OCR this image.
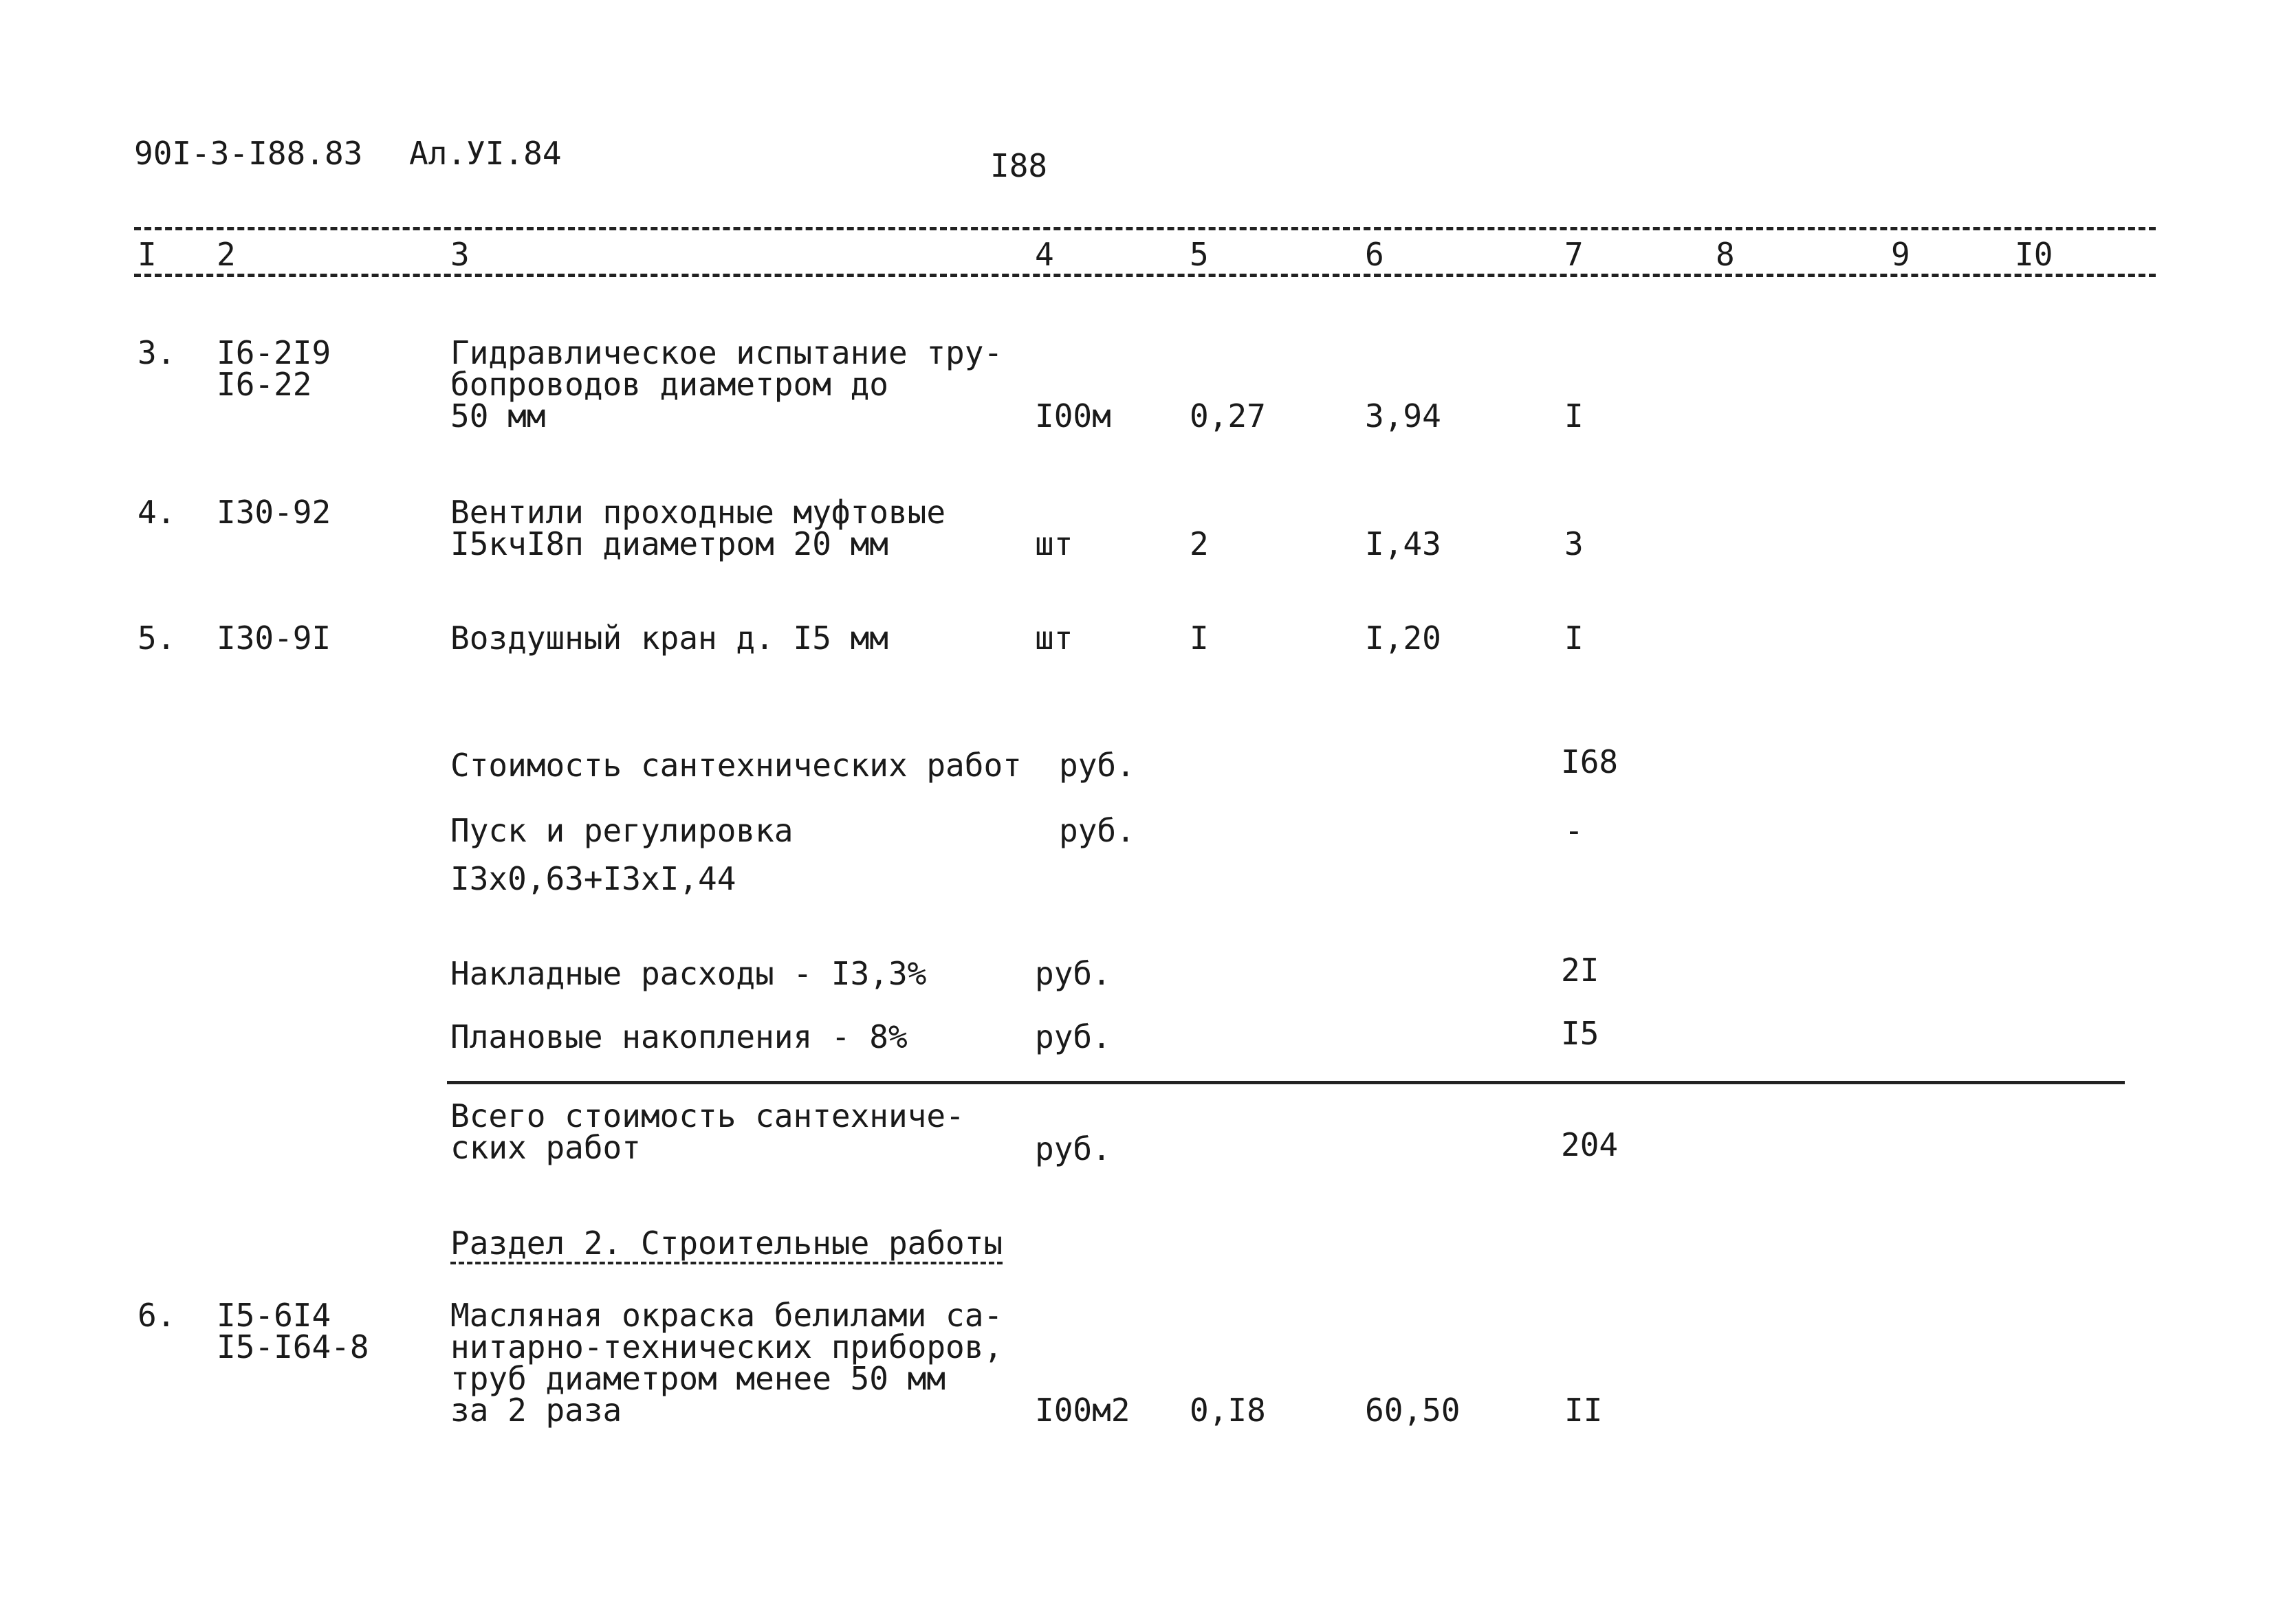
90I-3-I88.83 Ал.УI.84	I88
I 2	3	4	5	6	7	8	9	I0
3. I6-2I9
I6-22
Гидравлическое испытание тру-
бопроводов диаметром до
50 мм	I00м 0,27	3,94	I
4. I30-92	Вентили проходные муфтовые
I5кчI8п диаметром 20 мм	шт	2	I,43	3
5. I30-9I	Воздушный кран д. I5 мм	шт	I	I,20	I
Стоимость сантехнических работ руб.	I68
Пуск и регулировка	руб.	-
I3x0,63+I3xI,44
Накладные расходы - I3,3%	руб.	2I
Плановые накопления - 8%	руб.	I5
Всего стоимость сантехниче-
ских работ	руб.	204
Раздел 2. Строительные работы
6. I5-6I4
I5-I64-8
Масляная окраска белилами са-
нитарно-технических приборов,
труб диаметром менее 50 мм
за 2 раза	I00м2 0,I8	60,50	II
